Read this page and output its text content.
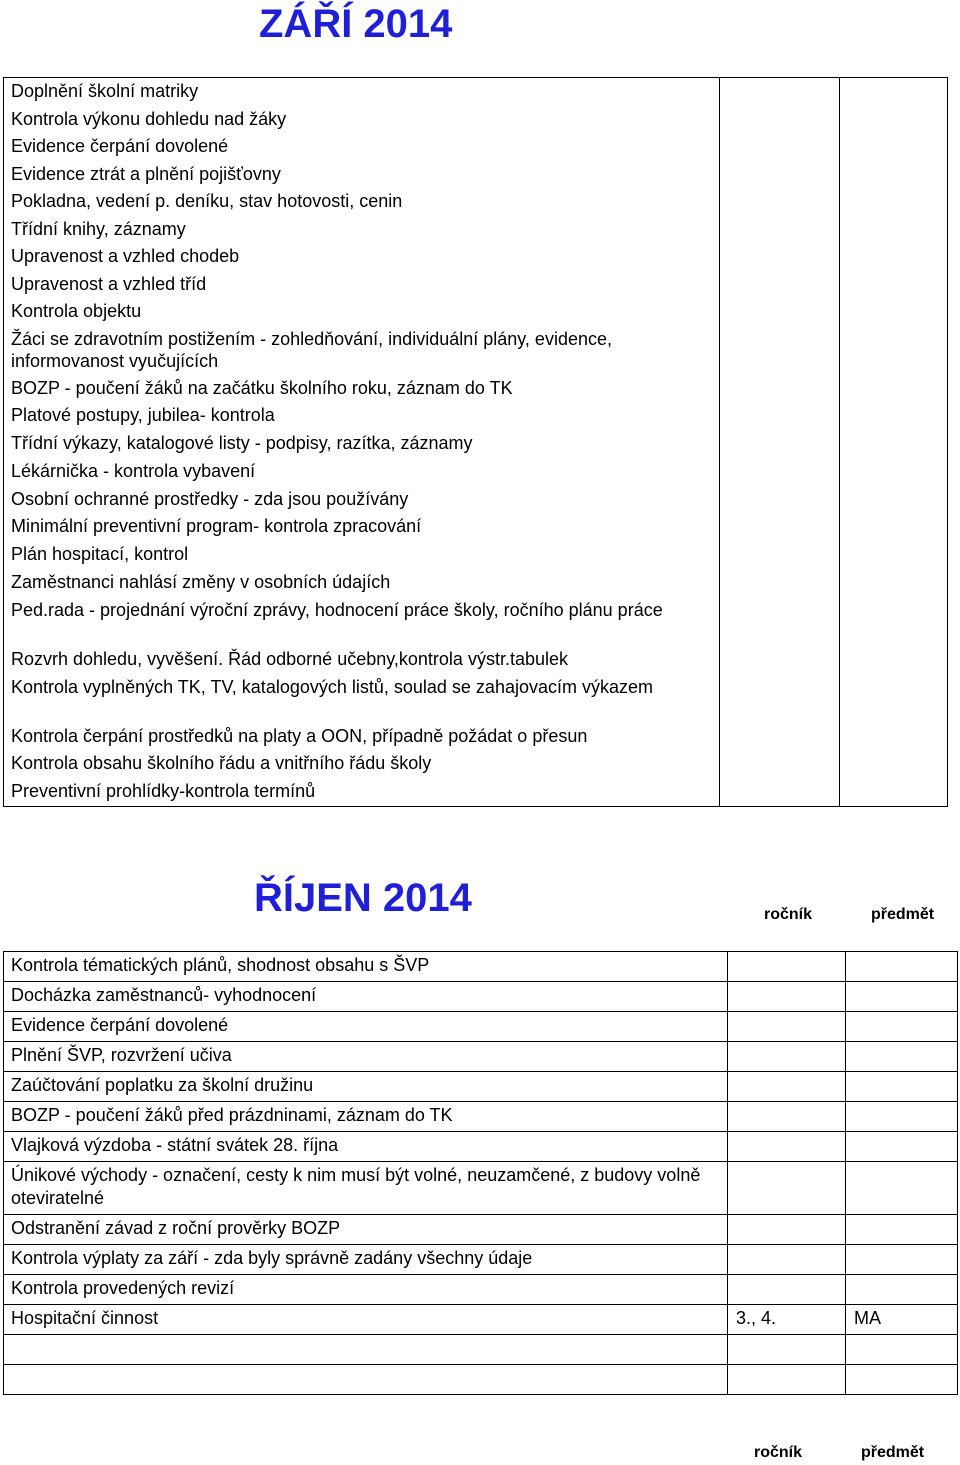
ZÁŘÍ 2014
Doplnění školní matriky		
Kontrola výkonu dohledu nad žáky
Evidence čerpání dovolené
Evidence ztrát a plnění pojišťovny
Pokladna, vedení p. deníku, stav hotovosti, cenin
Třídní knihy, záznamy
Upravenost a vzhled chodeb
Upravenost a vzhled tříd
Kontrola objektu
Žáci se zdravotním postižením - zohledňování, individuální plány, evidence, informovanost vyučujících
BOZP - poučení žáků na začátku školního roku, záznam do TK
Platové postupy, jubilea- kontrola
Třídní výkazy, katalogové listy - podpisy, razítka, záznamy
Lékárnička - kontrola vybavení
Osobní ochranné prostředky - zda jsou používány
Minimální preventivní program- kontrola zpracování
Plán hospitací, kontrol
Zaměstnanci nahlásí změny v osobních údajích
Ped.rada - projednání výroční zprávy, hodnocení práce školy, ročního plánu práce
Rozvrh dohledu, vyvěšení. Řád odborné učebny,kontrola výstr.tabulek
Kontrola vyplněných TK, TV, katalogových listů, soulad se zahajovacím výkazem
Kontrola čerpání prostředků na platy a OON, případně požádat o přesun
Kontrola obsahu školního řádu a vnitřního řádu školy
Preventivní prohlídky-kontrola termínů
ŘÍJEN 2014	ročník	předmět
Kontrola tématických plánů, shodnost obsahu s ŠVP		
Docházka zaměstnanců- vyhodnocení		
Evidence čerpání dovolené		
Plnění ŠVP, rozvržení učiva		
Zaúčtování poplatku za školní družinu		
BOZP - poučení žáků před prázdninami, záznam do TK		
Vlajková výzdoba - státní svátek 28. října		
Únikové východy - označení, cesty k nim musí být volné, neuzamčené, z budovy volně oteviratelné		
Odstranění závad z roční prověrky BOZP		
Kontrola výplaty za září - zda byly správně zadány všechny údaje		
Kontrola provedených revizí		
Hospitační činnost	3., 4.	MA

ročník	předmět
